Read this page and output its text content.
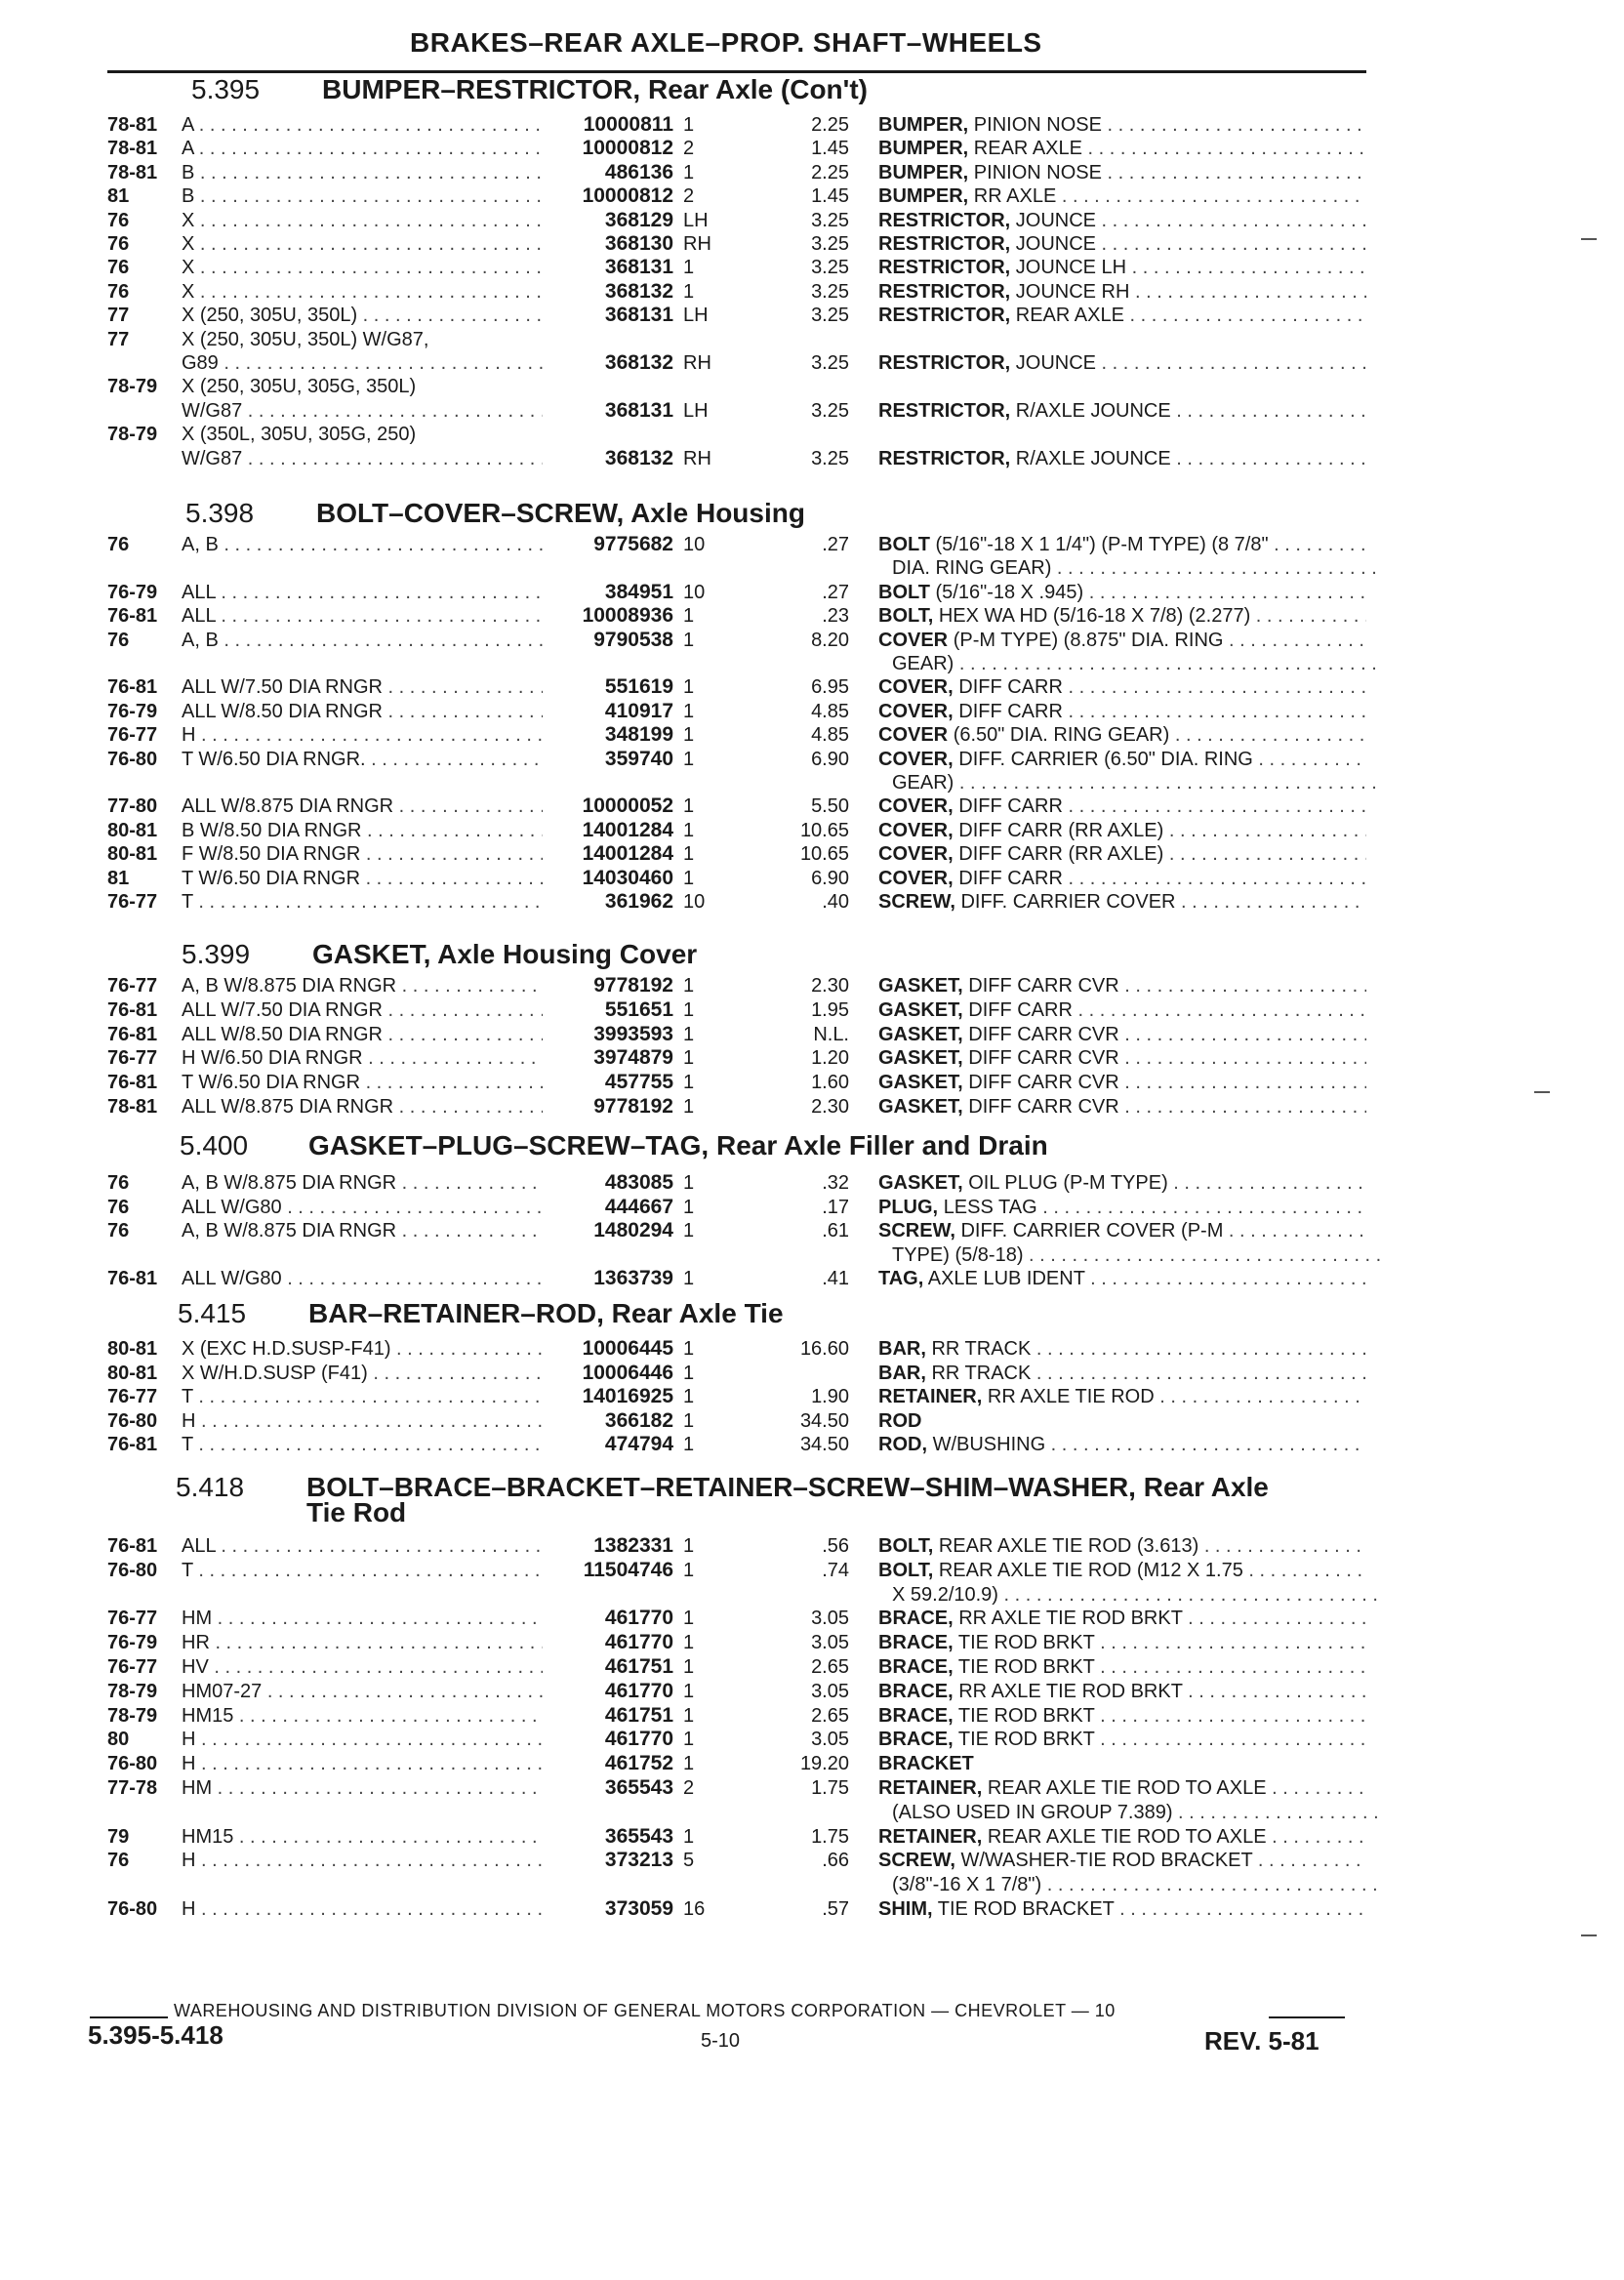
BRAKES–REAR AXLE–PROP. SHAFT–WHEELS
5.395 BUMPER–RESTRICTOR, Rear Axle (Con't)
78-81 A . . .	10000811 1	2.25 BUMPER, PINION NOSE . . .
78-81 A . . .	10000812 2	1.45 BUMPER, REAR AXLE . . .
78-81 B . . .	486136 1	2.25 BUMPER, PINION NOSE . . .
81	B . . .	10000812 2	1.45 BUMPER, RR AXLE . . .
76	X . . .	368129 LH	3.25 RESTRICTOR, JOUNCE . . .
76	X . . .	368130 RH	3.25 RESTRICTOR, JOUNCE . . .
76	X . . .	368131 1	3.25 RESTRICTOR, JOUNCE LH . . .
76	X . . .	368132 1	3.25 RESTRICTOR, JOUNCE RH . . .
77	X (250, 305U, 350L) . . .	368131 LH	3.25 RESTRICTOR, REAR AXLE . . .
77	X (250, 305U, 350L) W/G87,
G89 . . .	368132 RH	3.25 RESTRICTOR, JOUNCE . . .
78-79 X (250, 305U, 305G, 350L)
W/G87 . . .	368131 LH	3.25 RESTRICTOR, R/AXLE JOUNCE . . .
78-79 X (350L, 305U, 305G, 250)
W/G87 . . .	368132 RH	3.25 RESTRICTOR, R/AXLE JOUNCE . . .
5.398 BOLT–COVER–SCREW, Axle Housing
76	A, B . . .	9775682 10	.27 BOLT (5/16"-18 X 1 1/4") (P-M TYPE) (8 7/8" . . .
DIA. RING GEAR) . . .
76-79 ALL . . .	384951 10	.27 BOLT (5/16"-18 X .945) . . .
76-81 ALL . . .	10008936 1	.23 BOLT, HEX WA HD (5/16-18 X 7/8) (2.277) . . .
76	A, B . . .	9790538 1	8.20 COVER (P-M TYPE) (8.875" DIA. RING . . .
GEAR) . . .
76-81 ALL W/7.50 DIA RNGR . . .	551619 1	6.95 COVER, DIFF CARR . . .
76-79 ALL W/8.50 DIA RNGR . . .	410917 1	4.85 COVER, DIFF CARR . . .
76-77 H . . .	348199 1	4.85 COVER (6.50" DIA. RING GEAR) . . .
76-80 T W/6.50 DIA RNGR. . . .	359740 1	6.90 COVER, DIFF. CARRIER (6.50" DIA. RING . . .
GEAR) . . .
77-80 ALL W/8.875 DIA RNGR . . .	10000052 1	5.50 COVER, DIFF CARR . . .
80-81 B W/8.50 DIA RNGR . . .	14001284 1	10.65 COVER, DIFF CARR (RR AXLE) . . .
80-81 F W/8.50 DIA RNGR . . .	14001284 1	10.65 COVER, DIFF CARR (RR AXLE) . . .
81	T W/6.50 DIA RNGR . . .	14030460 1	6.90 COVER, DIFF CARR . . .
76-77 T . . .	361962 10	.40 SCREW, DIFF. CARRIER COVER . . .
5.399 GASKET, Axle Housing Cover
76-77 A, B W/8.875 DIA RNGR . . .	9778192 1	2.30 GASKET, DIFF CARR CVR . . .
76-81 ALL W/7.50 DIA RNGR . . .	551651 1	1.95 GASKET, DIFF CARR . . .
76-81 ALL W/8.50 DIA RNGR . . .	3993593 1	N.L. GASKET, DIFF CARR CVR . . .
76-77 H W/6.50 DIA RNGR . . .	3974879 1	1.20 GASKET, DIFF CARR CVR . . .
76-81 T W/6.50 DIA RNGR . . .	457755 1	1.60 GASKET, DIFF CARR CVR . . .
78-81 ALL W/8.875 DIA RNGR . . .	9778192 1	2.30 GASKET, DIFF CARR CVR . . .
5.400 GASKET–PLUG–SCREW–TAG, Rear Axle Filler and Drain
76	A, B W/8.875 DIA RNGR . . .	483085 1	.32 GASKET, OIL PLUG (P-M TYPE) . . .
76	ALL W/G80 . . .	444667 1	.17 PLUG, LESS TAG . . .
76	A, B W/8.875 DIA RNGR . . .	1480294 1	.61 SCREW, DIFF. CARRIER COVER (P-M . . .
TYPE) (5/8-18) . . .
76-81 ALL W/G80 . . .	1363739 1	.41 TAG, AXLE LUB IDENT . . .
5.415 BAR–RETAINER–ROD, Rear Axle Tie
80-81 X (EXC H.D.SUSP-F41) . . .	10006445 1	16.60 BAR, RR TRACK . . .
80-81 X W/H.D.SUSP (F41) . . .	10006446 1	BAR, RR TRACK . . .
76-77 T . . .	14016925 1	1.90 RETAINER, RR AXLE TIE ROD . . .
76-80 H . . .	366182 1	34.50 ROD
76-81 T . . .	474794 1	34.50 ROD, W/BUSHING . . .
5.418 BOLT–BRACE–BRACKET–RETAINER–SCREW–SHIM–WASHER, Rear Axle
Tie Rod
76-81 ALL . . .	1382331 1	.56 BOLT, REAR AXLE TIE ROD (3.613) . . .
76-80 T . . .	11504746 1	.74 BOLT, REAR AXLE TIE ROD (M12 X 1.75 . . .
X 59.2/10.9) . . .
76-77 HM . . .	461770 1	3.05 BRACE, RR AXLE TIE ROD BRKT . . .
76-79 HR . . .	461770 1	3.05 BRACE, TIE ROD BRKT . . .
76-77 HV . . .	461751 1	2.65 BRACE, TIE ROD BRKT . . .
78-79 HM07-27 . . .	461770 1	3.05 BRACE, RR AXLE TIE ROD BRKT . . .
78-79 HM15 . . .	461751 1	2.65 BRACE, TIE ROD BRKT . . .
80	H . . .	461770 1	3.05 BRACE, TIE ROD BRKT . . .
76-80 H . . .	461752 1	19.20 BRACKET
77-78 HM . . .	365543 2	1.75 RETAINER, REAR AXLE TIE ROD TO AXLE . . .
(ALSO USED IN GROUP 7.389) . . .
79	HM15 . . .	365543 1	1.75 RETAINER, REAR AXLE TIE ROD TO AXLE . . .
76	H . . .	373213 5	.66 SCREW, W/WASHER-TIE ROD BRACKET . . .
(3/8"-16 X 1 7/8") . . .
76-80 H . . .	373059 16	.57 SHIM, TIE ROD BRACKET . . .
WAREHOUSING AND DISTRIBUTION DIVISION OF GENERAL MOTORS CORPORATION — CHEVROLET — 10
5.395-5.418	5-10	REV. 5-81
